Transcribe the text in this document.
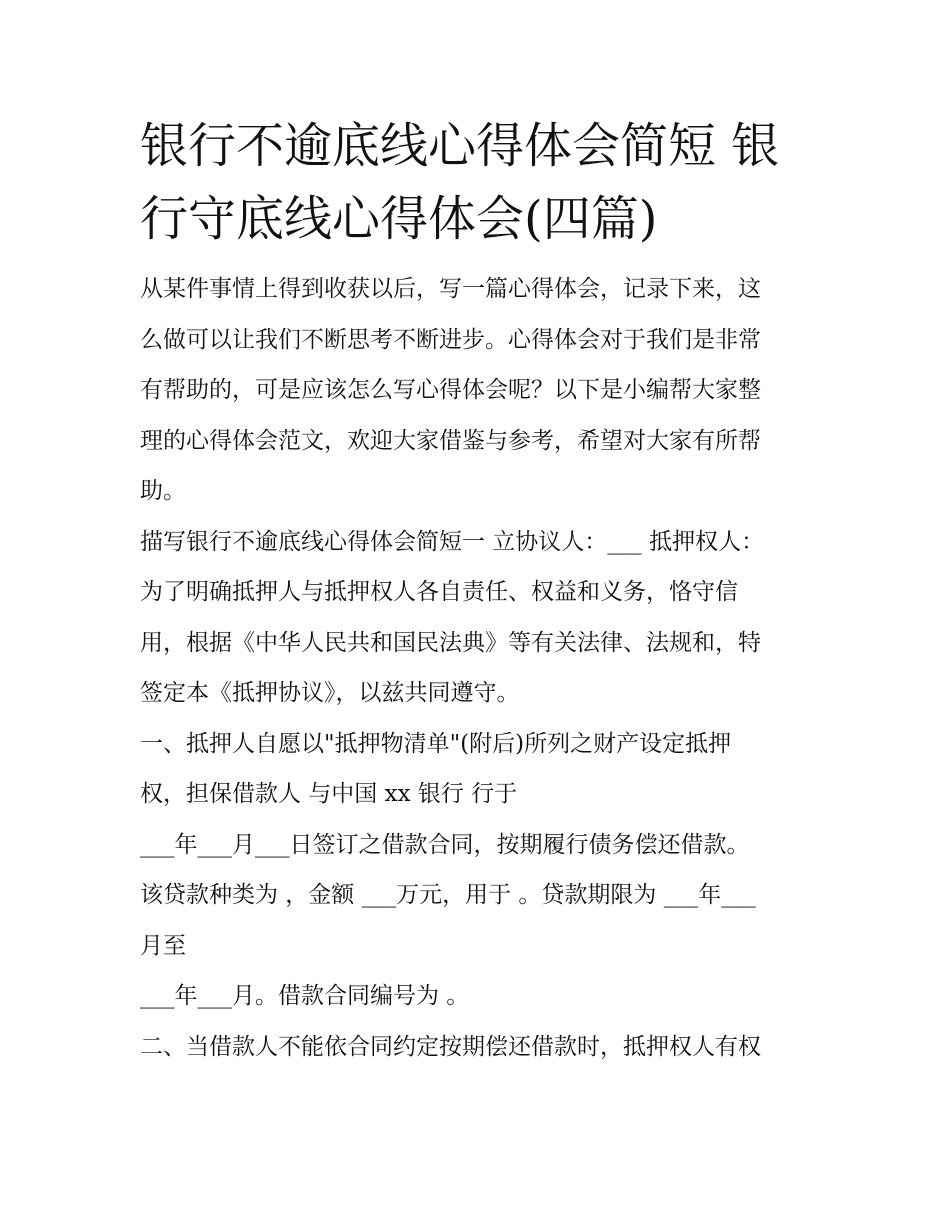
银行不逾底线心得体会简短 银
行守底线心得体会(四篇)
从某件事情上得到收获以后，写一篇心得体会，记录下来，这
么做可以让我们不断思考不断进步。心得体会对于我们是非常
有帮助的，可是应该怎么写心得体会呢？以下是小编帮大家整
理的心得体会范文，欢迎大家借鉴与参考，希望对大家有所帮
助。
描写银行不逾底线心得体会简短一 立协议人：___ 抵押权人：
为了明确抵押人与抵押权人各自责任、权益和义务，恪守信
用，根据《中华人民共和国民法典》等有关法律、法规和，特
签定本《抵押协议》，以兹共同遵守。
一、抵押人自愿以"抵押物清单"(附后)所列之财产设定抵押
权，担保借款人 与中国 xx 银行 行于
___年___月___日签订之借款合同，按期履行债务偿还借款。
该贷款种类为 ，金额 ___万元，用于 。贷款期限为 ___年___
月至
___年___月。借款合同编号为 。
二、当借款人不能依合同约定按期偿还借款时，抵押权人有权
